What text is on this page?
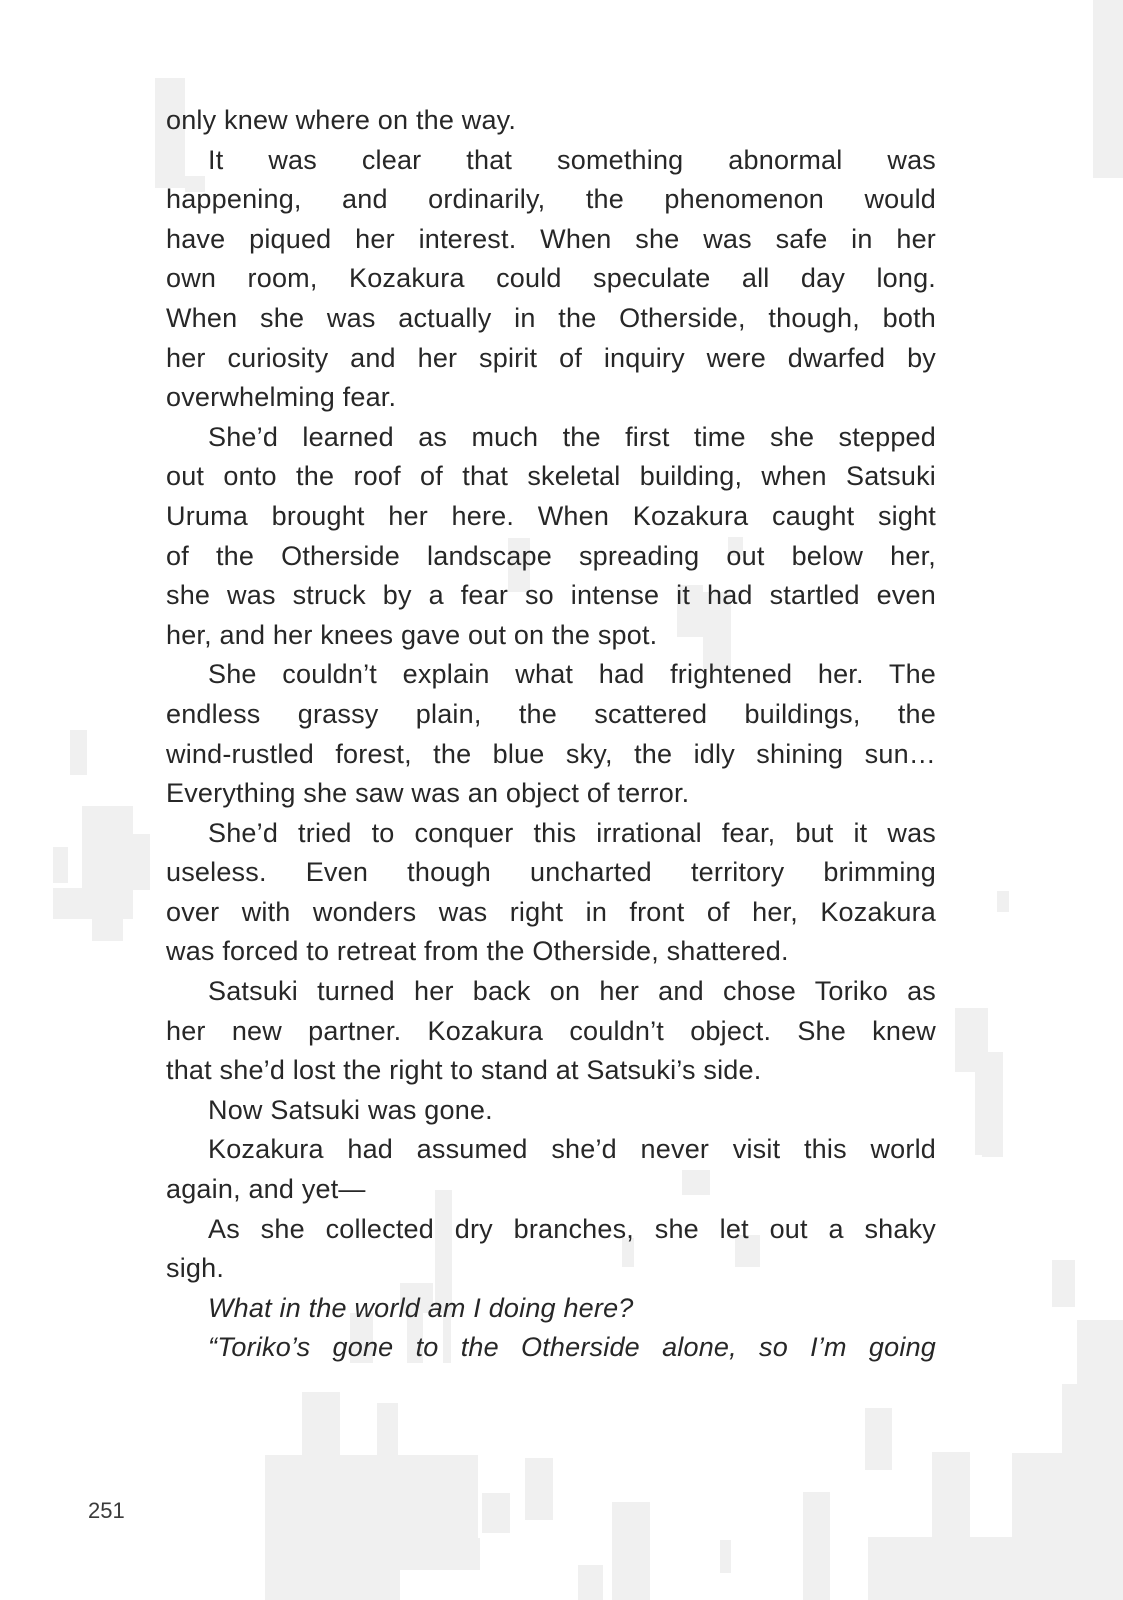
only knew where on the way.
It was clear that something abnormal was
happening, and ordinarily, the phenomenon would
have piqued her interest. When she was safe in her
own room, Kozakura could speculate all day long.
When she was actually in the Otherside, though, both
her curiosity and her spirit of inquiry were dwarfed by
overwhelming fear.
She’d learned as much the first time she stepped
out onto the roof of that skeletal building, when Satsuki
Uruma brought her here. When Kozakura caught sight
of the Otherside landscape spreading out below her,
she was struck by a fear so intense it had startled even
her, and her knees gave out on the spot.
She couldn’t explain what had frightened her. The
endless grassy plain, the scattered buildings, the
wind-rustled forest, the blue sky, the idly shining sun…
Everything she saw was an object of terror.
She’d tried to conquer this irrational fear, but it was
useless. Even though uncharted territory brimming
over with wonders was right in front of her, Kozakura
was forced to retreat from the Otherside, shattered.
Satsuki turned her back on her and chose Toriko as
her new partner. Kozakura couldn’t object. She knew
that she’d lost the right to stand at Satsuki’s side.
Now Satsuki was gone.
Kozakura had assumed she’d never visit this world
again, and yet—
As she collected dry branches, she let out a shaky
sigh.
What in the world am I doing here?
“Toriko’s gone to the Otherside alone, so I’m going
251
